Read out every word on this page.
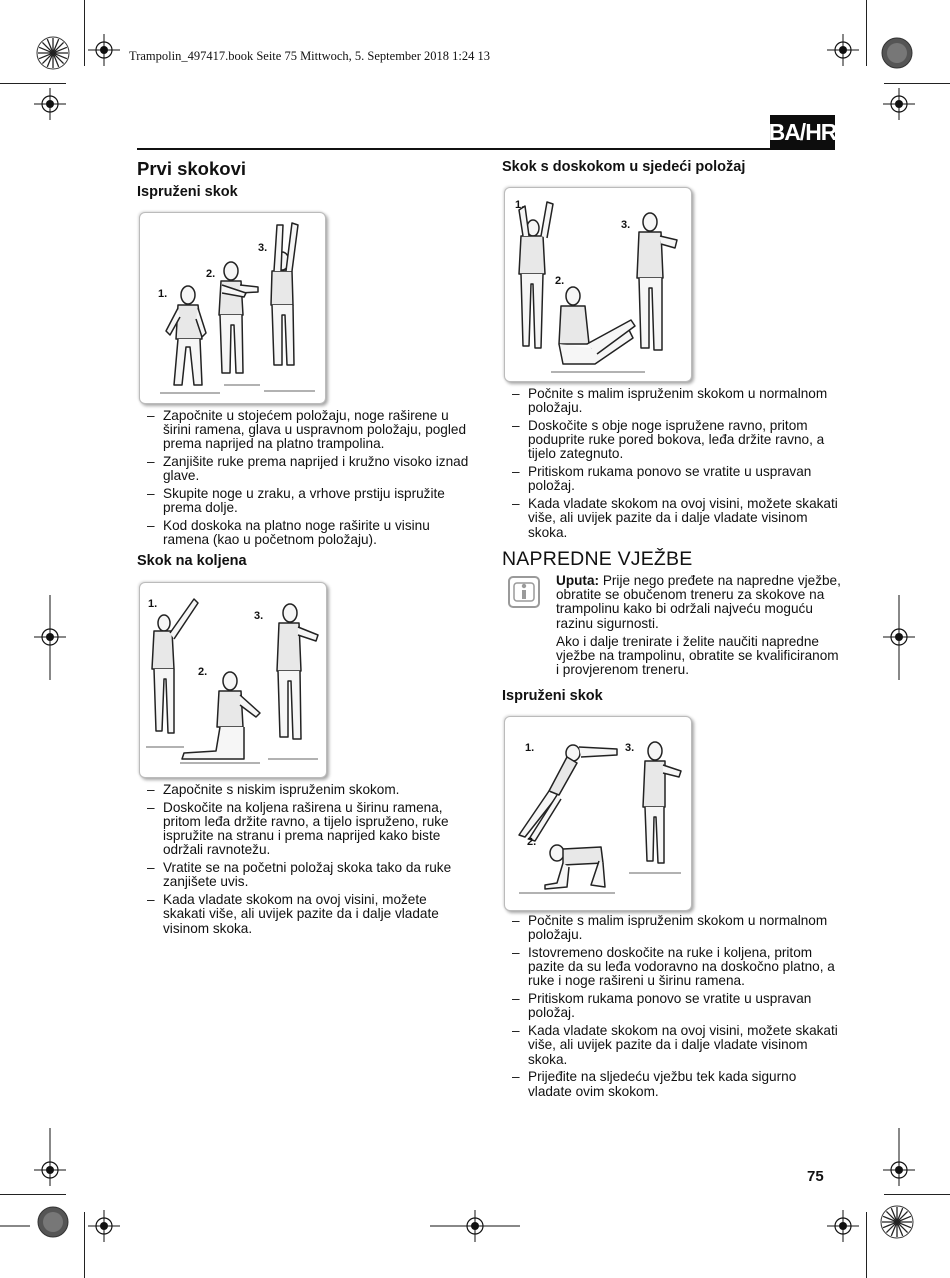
Trampolin_497417.book Seite 75 Mittwoch, 5. September 2018 1:24 13
BA/HR
Prvi skokovi
Ispruženi skok
1.
2.
3.
– Započnite u stojećem položaju, noge raširene u širini ramena, glava u uspravnom položaju, pogled prema naprijed na platno trampolina.
– Zanjišite ruke prema naprijed i kružno visoko iznad glave.
– Skupite noge u zraku, a vrhove prstiju ispružite prema dolje.
– Kod doskoka na platno noge raširite u visinu ramena (kao u početnom položaju).
Skok na koljena
1.
2.
3.
– Započnite s niskim ispruženim skokom.
– Doskočite na koljena raširena u širinu ramena, pritom leđa držite ravno, a tijelo ispruženo, ruke ispružite na stranu i prema naprijed kako biste održali ravnotežu.
– Vratite se na početni položaj skoka tako da ruke zanjišete uvis.
– Kada vladate skokom na ovoj visini, možete skakati više, ali uvijek pazite da i dalje vladate visinom skoka.
Skok s doskokom u sjedeći položaj
1.
2.
3.
– Počnite s malim ispruženim skokom u normalnom položaju.
– Doskočite s obje noge ispružene ravno, pritom poduprite ruke pored bokova, leđa držite ravno, a tijelo zategnuto.
– Pritiskom rukama ponovo se vratite u uspravan položaj.
– Kada vladate skokom na ovoj visini, možete skakati više, ali uvijek pazite da i dalje vladate visinom skoka.
NAPREDNE VJEŽBE
Uputa: Prije nego pređete na napredne vježbe, obratite se obučenom treneru za skokove na trampolinu kako bi održali najveću moguću razinu sigurnosti.
Ako i dalje trenirate i želite naučiti napredne vježbe na trampolinu, obratite se kvalificiranom i provjerenom treneru.
Ispruženi skok
1.
2.
3.
– Počnite s malim ispruženim skokom u normalnom položaju.
– Istovremeno doskočite na ruke i koljena, pritom pazite da su leđa vodoravno na doskočno platno, a ruke i noge raširenі u širinu ramena.
– Pritiskom rukama ponovo se vratite u uspravan položaj.
– Kada vladate skokom na ovoj visini, možete skakati više, ali uvijek pazite da i dalje vladate visinom skoka.
– Prijeđite na sljedeću vježbu tek kada sigurno vladate ovim skokom.
75
